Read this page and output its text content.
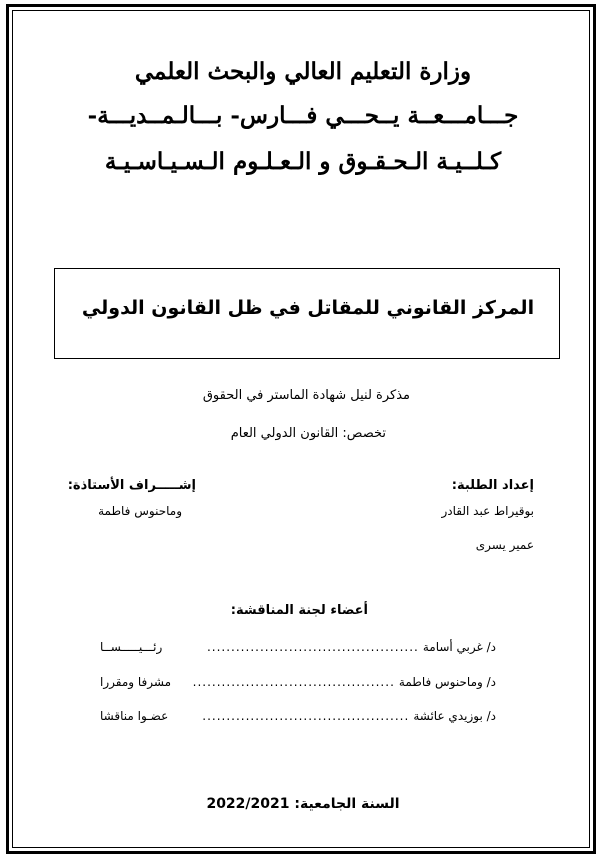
وزارة التعليم العالي والبحث العلمي
جـــامـــعــة يــحـــي فـــارس- بـــالـمــديـــة-
كـلــيـة الـحـقـوق و الـعـلـوم الـسـيـاسـيـة
المركز القانوني للمقاتل في ظل القانون الدولي
مذكرة لنيل شهادة الماستر في الحقوق
تخصص: القانون الدولي العام
إعداد الطلبة:
بوقيراط عبد القادر
عمير يسرى
إشـــــراف الأستاذة:
وماحنوس فاطمة
أعضاء لجنة المناقشة:
د/ غربي أسامة
............................................
رئـــيـــــســا
د/ وماحنوس فاطمة
..........................................
مشرفا ومقررا
د/ بوزيدي عائشة
...........................................
عضـوا مناقشا
السنة الجامعية: 2022/2021
